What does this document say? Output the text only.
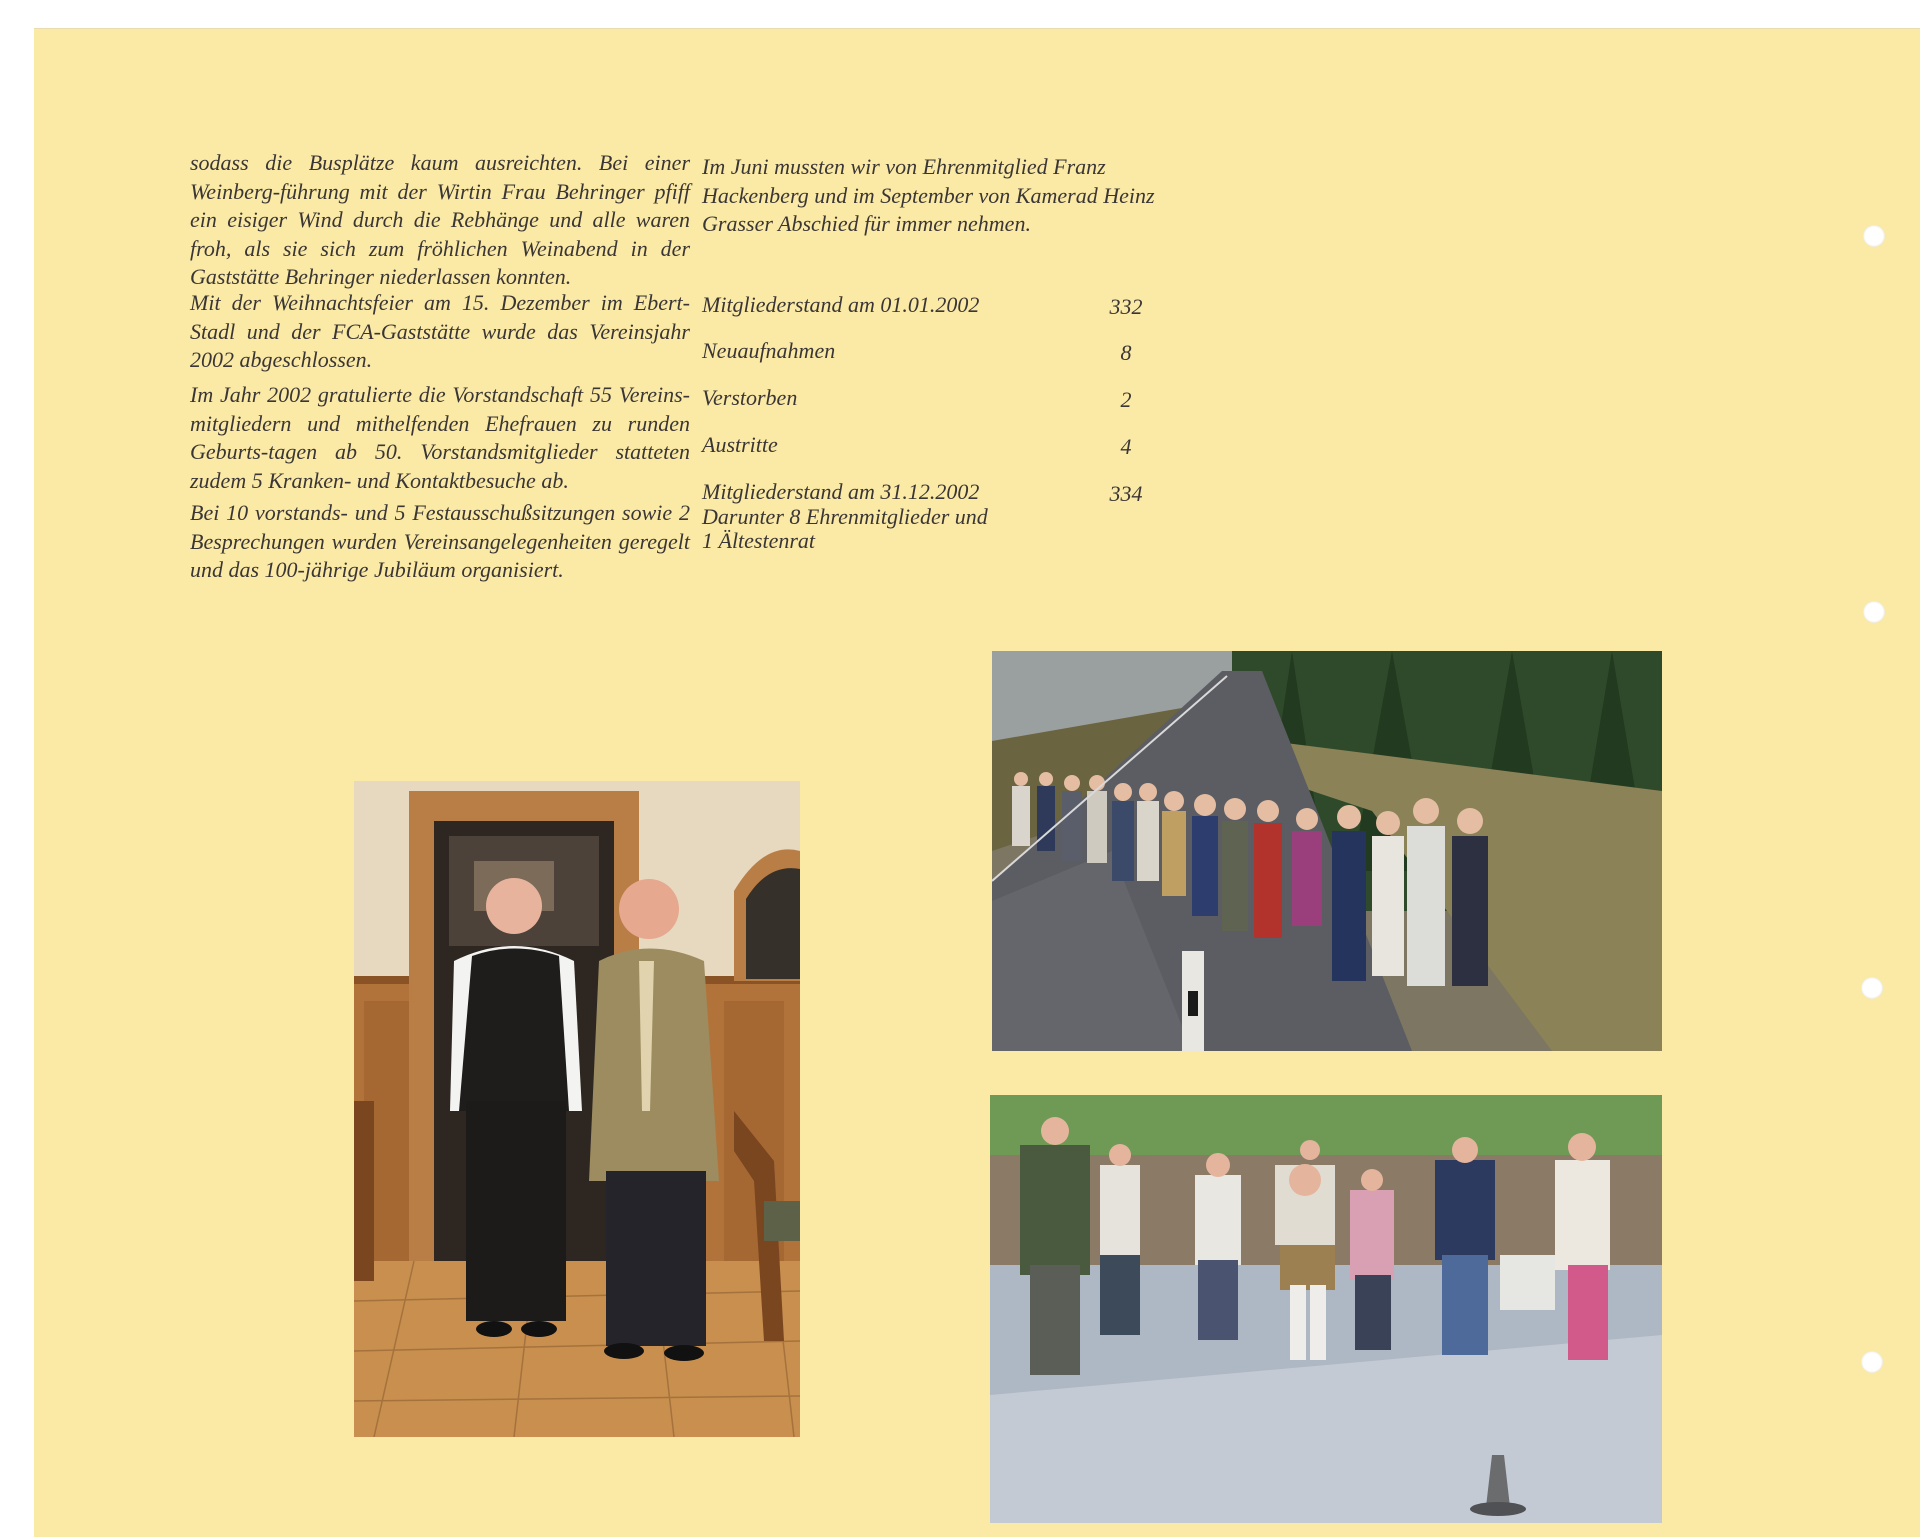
sodass die Busplätze kaum ausreichten. Bei einer Weinberg-führung mit der Wirtin Frau Behringer pfiff ein eisiger Wind durch die Rebhänge und alle waren froh, als sie sich zum fröhlichen Weinabend in der Gaststätte Behringer niederlassen konnten.

Mit der Weihnachtsfeier am 15. Dezember im Ebert-Stadl und der FCA-Gaststätte wurde das Vereinsjahr 2002 abgeschlossen.

Im Jahr 2002 gratulierte die Vorstandschaft 55 Vereins-mitgliedern und mithelfenden Ehefrauen zu runden Geburts-tagen ab 50. Vorstandsmitglieder statteten zudem 5 Kranken- und Kontaktbesuche ab.

Bei 10 vorstands- und 5 Festausschußsitzungen sowie 2 Besprechungen wurden Vereinsangelegenheiten geregelt und das 100-jährige Jubiläum organisiert.

Im Juni mussten wir von Ehrenmitglied Franz Hackenberg und im September von Kamerad Heinz Grasser Abschied für immer nehmen.

Mitgliederstand am 01.01.2002	332
Neuaufnahmen	8
Verstorben	2
Austritte	4
Mitgliederstand am 31.12.2002	334
Darunter 8 Ehrenmitglieder und
1 Ältestenrat
